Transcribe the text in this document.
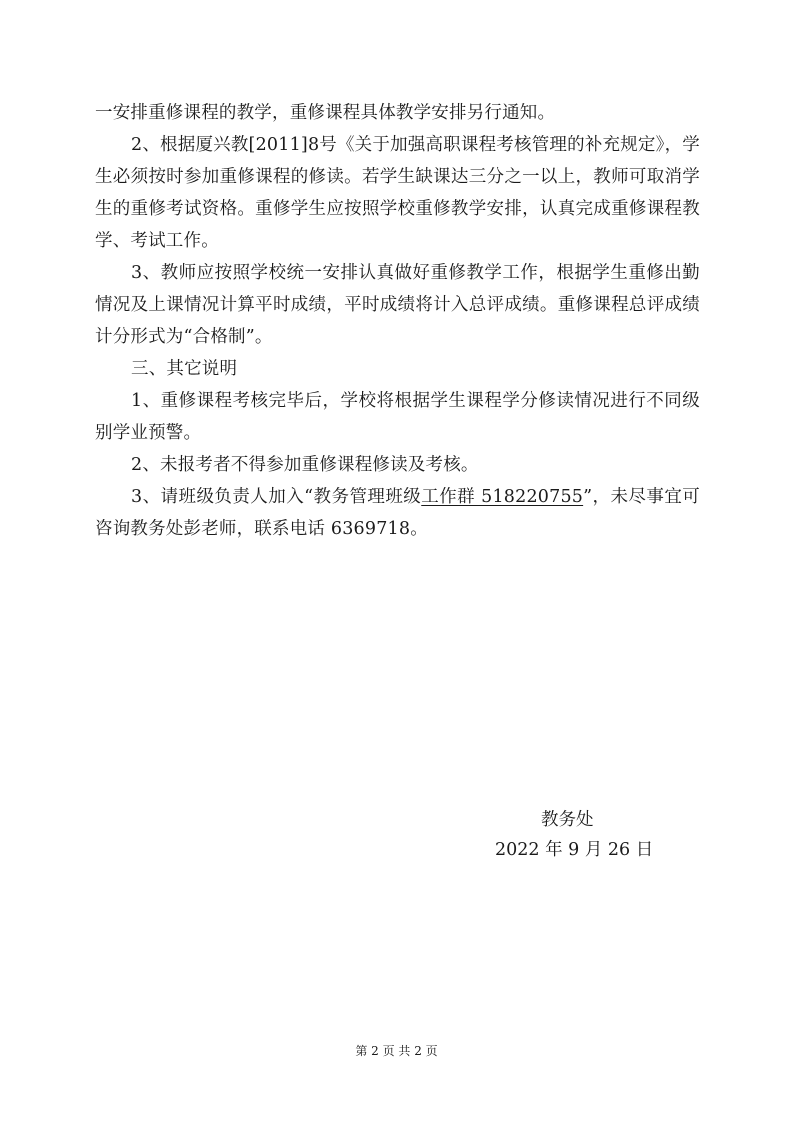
一安排重修课程的教学，重修课程具体教学安排另行通知。

2、根据厦兴教[2011]8号《关于加强高职课程考核管理的补充规定》，学生必须按时参加重修课程的修读。若学生缺课达三分之一以上，教师可取消学生的重修考试资格。重修学生应按照学校重修教学安排，认真完成重修课程教学、考试工作。

3、教师应按照学校统一安排认真做好重修教学工作，根据学生重修出勤情况及上课情况计算平时成绩，平时成绩将计入总评成绩。重修课程总评成绩计分形式为“合格制”。

三、其它说明

1、重修课程考核完毕后，学校将根据学生课程学分修读情况进行不同级别学业预警。

2、未报考者不得参加重修课程修读及考核。

3、请班级负责人加入“教务管理班级工作群 518220755”，未尽事宜可咨询教务处彭老师，联系电话 6369718。

教务处
2022 年 9 月 26 日
第 2 页 共 2 页
